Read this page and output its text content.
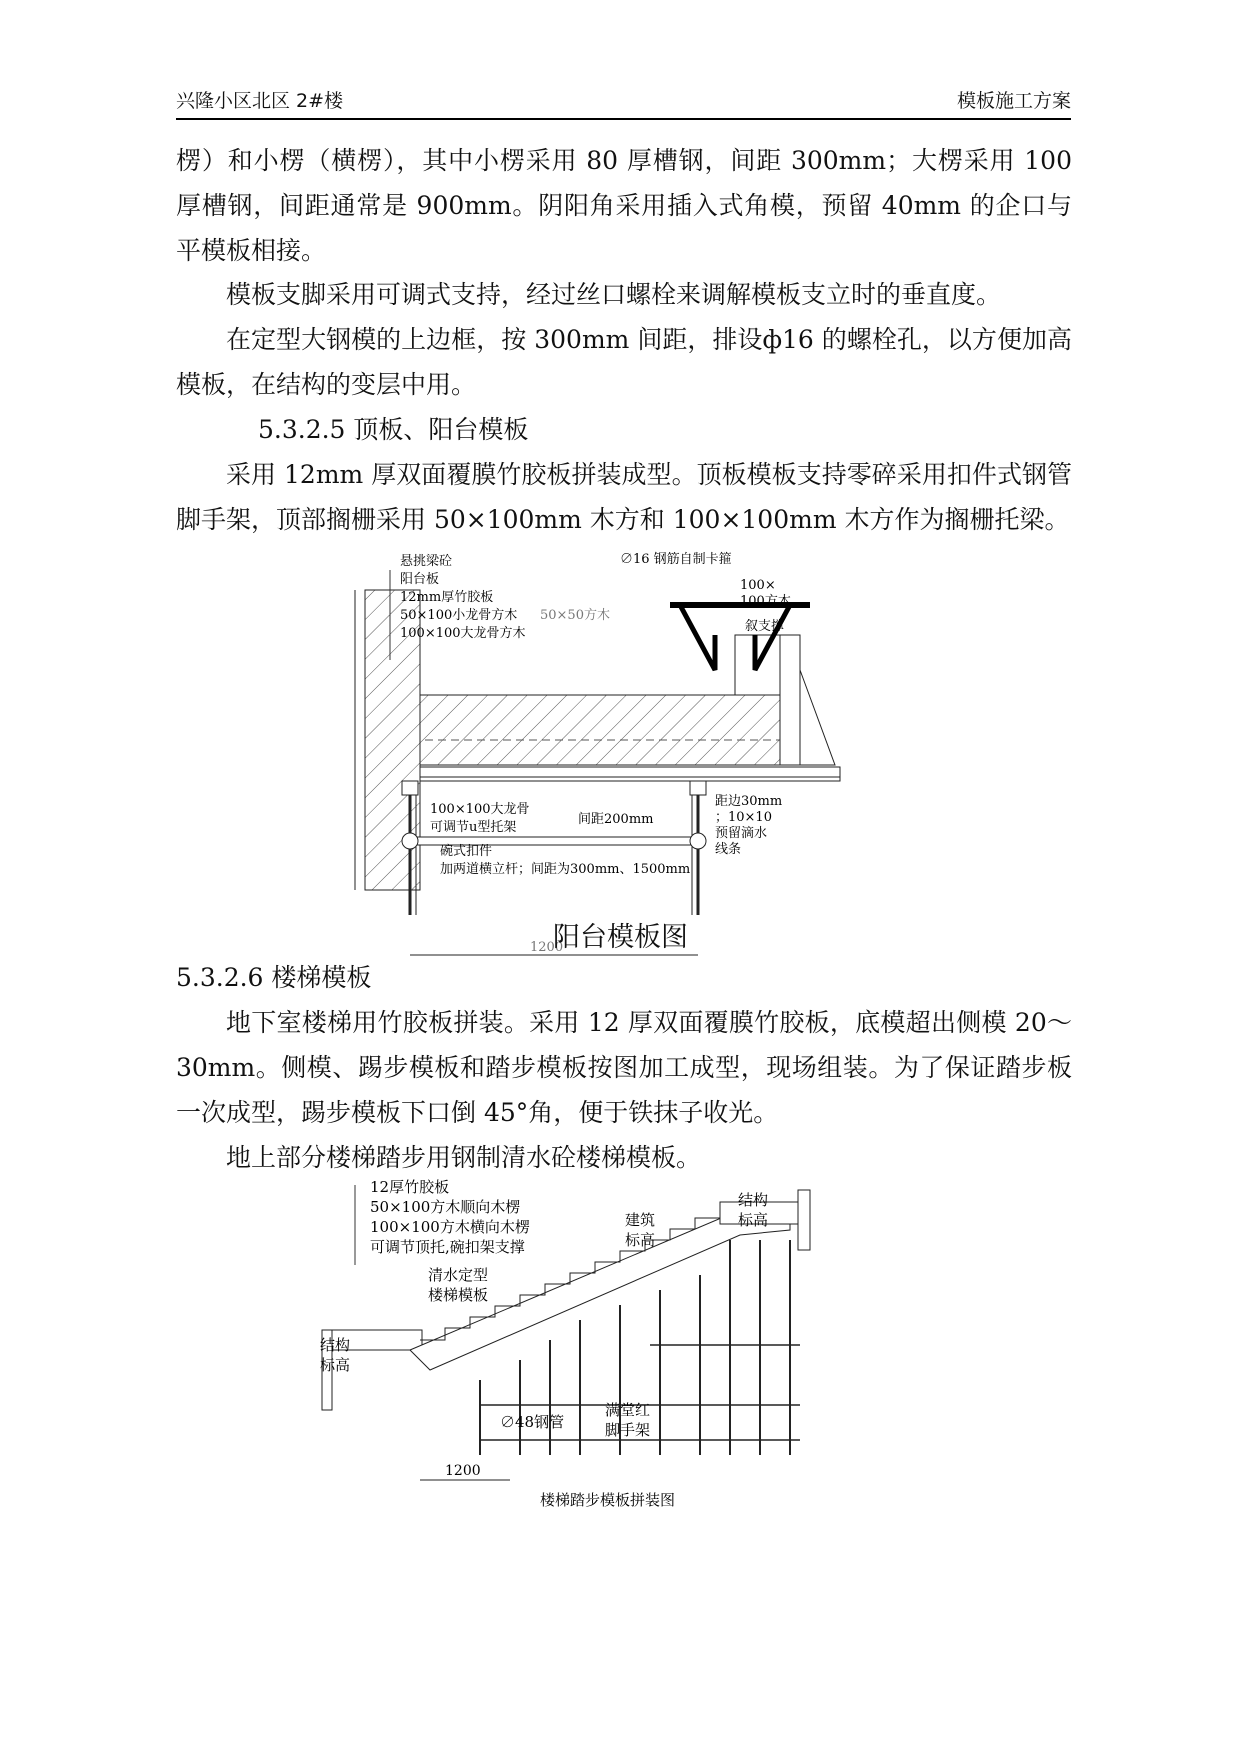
兴隆小区北区 2#楼	模板施工方案

楞）和小楞（横楞），其中小楞采用 80 厚槽钢，间距 300mm；大楞采用 100 厚槽钢，间距通常是 900mm。阴阳角采用插入式角模，预留 40mm 的企口与平模板相接。

模板支脚采用可调式支持，经过丝口螺栓来调解模板支立时的垂直度。

在定型大钢模的上边框，按 300mm 间距，排设ф16 的螺栓孔，以方便加高模板，在结构的变层中用。

5.3.2.5 顶板、阳台模板

采用 12mm 厚双面覆膜竹胶板拼装成型。顶板模板支持零碎采用扣件式钢管脚手架，顶部搁栅采用 50×100mm 木方和 100×100mm 木方作为搁栅托梁。

悬挑梁砼
阳台板
12mm厚竹胶板
50×100小龙骨方木 50×50方木
100×100大龙骨方木
∅16 钢筋自制卡箍
100×
100方木
叙支撑
100×100大龙骨
可调节u型托架
间距200mm
碗式扣件
加两道横立杆；间距为300mm、1500mm
距边30mm
；10×10
预留滴水
线条
1200
阳台模板图

5.3.2.6 楼梯模板

地下室楼梯用竹胶板拼装。采用 12 厚双面覆膜竹胶板，底模超出侧模 20～30mm。侧模、踢步模板和踏步模板按图加工成型，现场组装。为了保证踏步板一次成型，踢步模板下口倒 45°角，便于铁抹子收光。

地上部分楼梯踏步用钢制清水砼楼梯模板。

12厚竹胶板
50×100方木顺向木楞
100×100方木横向木楞
可调节顶托,碗扣架支撑
清水定型
楼梯模板
建筑
标高
结构
标高
结构
标高
∅48钢管
满堂红
脚手架
1200
楼梯踏步模板拼装图
